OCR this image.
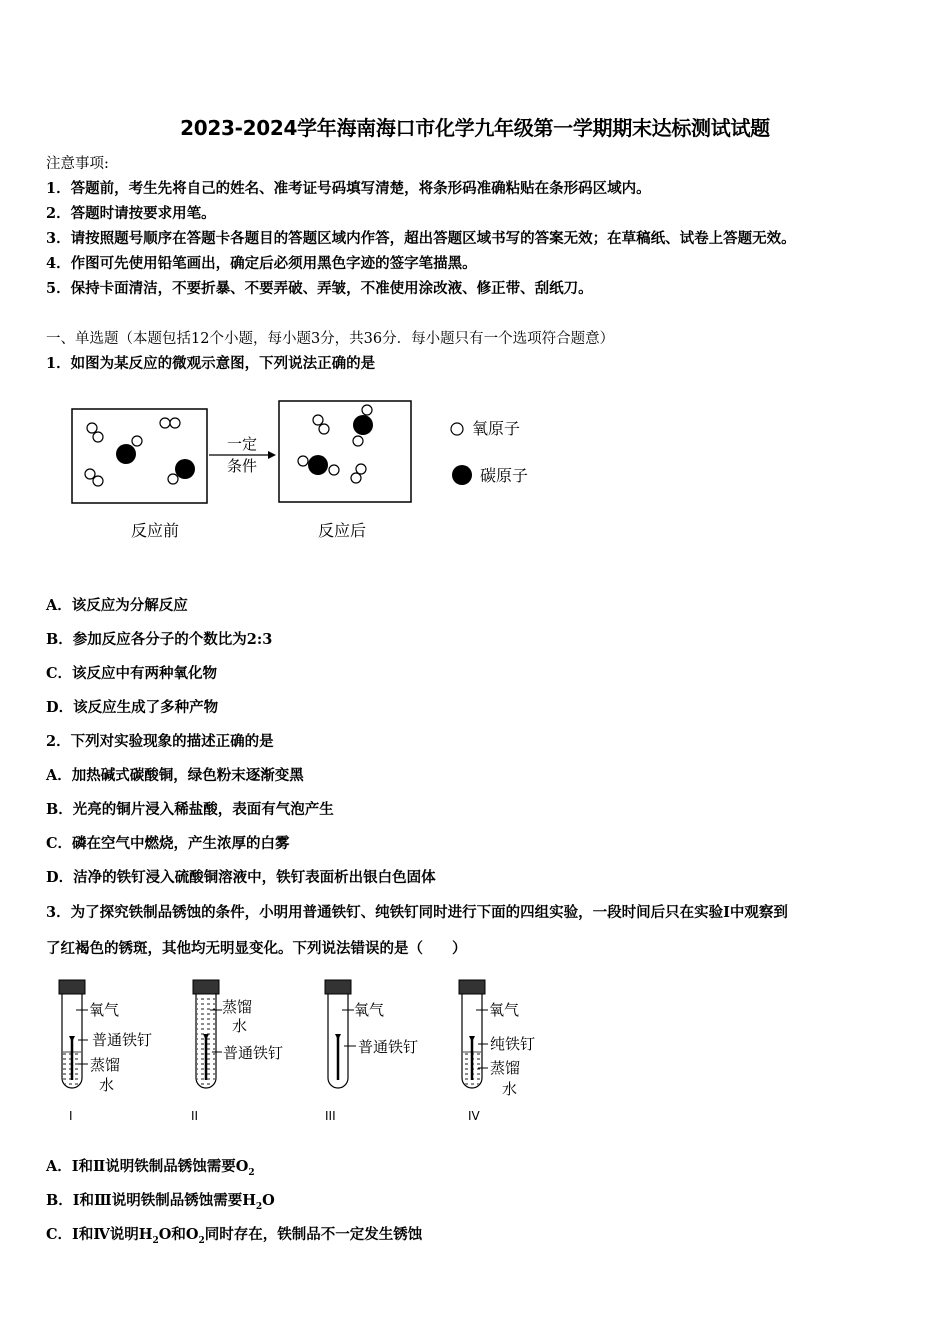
2023-2024学年海南海口市化学九年级第一学期期末达标测试试题
注意事项:
1．答题前，考生先将自己的姓名、准考证号码填写清楚，将条形码准确粘贴在条形码区域内。
2．答题时请按要求用笔。
3．请按照题号顺序在答题卡各题目的答题区域内作答，超出答题区域书写的答案无效；在草稿纸、试卷上答题无效。
4．作图可先使用铅笔画出，确定后必须用黑色字迹的签字笔描黑。
5．保持卡面清洁，不要折暴、不要弄破、弄皱，不准使用涂改液、修正带、刮纸刀。
一、单选题（本题包括12个小题，每小题3分，共36分．每小题只有一个选项符合题意）
1．如图为某反应的微观示意图，下列说法正确的是
一定
条件
氧原子
碳原子
反应前	反应后
A．该反应为分解反应
B．参加反应各分子的个数比为2:3
C．该反应中有两种氧化物
D．该反应生成了多种产物
2．下列对实验现象的描述正确的是
A．加热碱式碳酸铜，绿色粉末逐渐变黑
B．光亮的铜片浸入稀盐酸，表面有气泡产生
C．磷在空气中燃烧，产生浓厚的白雾
D．洁净的铁钉浸入硫酸铜溶液中，铁钉表面析出银白色固体
3．为了探究铁制品锈蚀的条件，小明用普通铁钉、纯铁钉同时进行下面的四组实验，一段时间后只在实验Ⅰ中观察到
了红褐色的锈斑，其他均无明显变化。下列说法错误的是（　　）
氧气
普通铁钉
蒸馏
水
I
蒸馏
水
普通铁钉
II
氧气
普通铁钉
III
氧气
纯铁钉
蒸馏
水
IV
A．I和Ⅱ说明铁制品锈蚀需要$O_2$
B．I和Ⅲ说明铁制品锈蚀需要$H_2O$
C．I和Ⅳ说明$H_2O$和$O_2$同时存在，铁制品不一定发生锈蚀
